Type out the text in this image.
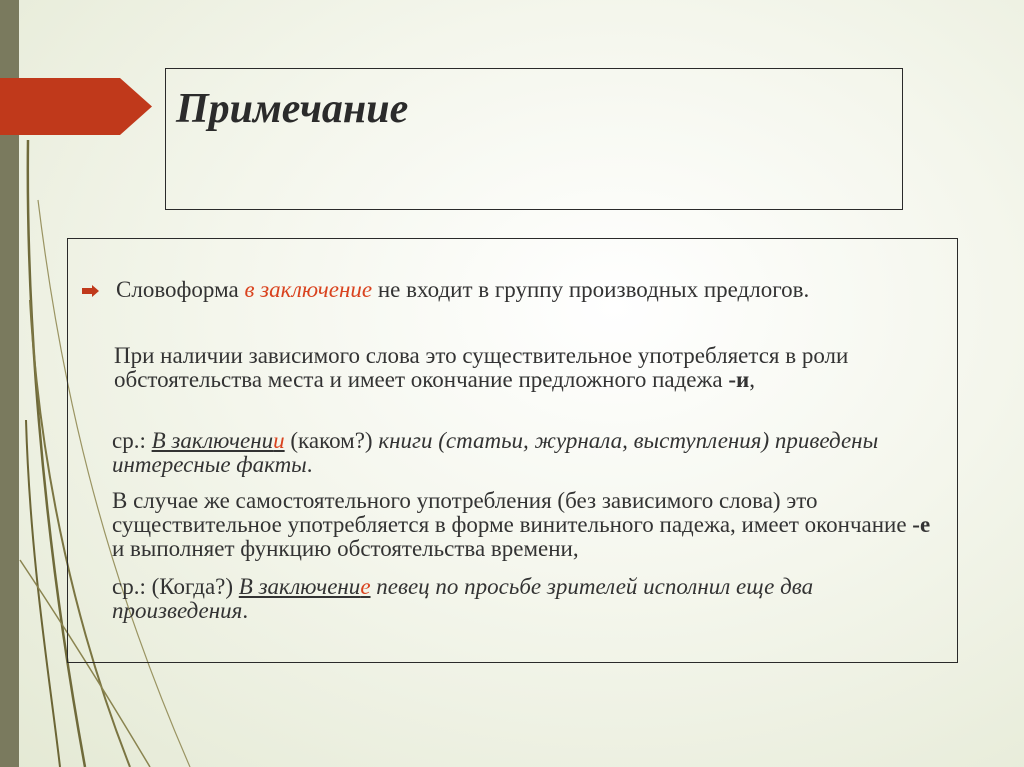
Примечание

Словоформа в заключение не входит в группу производных предлогов.

При наличии зависимого слова это существительное употребляется в роли обстоятельства места и имеет окончание предложного падежа -и,

ср.: В заключении (каком?) книги (статьи, журнала, выступления) приведены интересные факты.

В случае же самостоятельного употребления (без зависимого слова) это существительное употребляется в форме винительного падежа, имеет окончание -е и выполняет функцию обстоятельства времени,

ср.: (Когда?) В заключение певец по просьбе зрителей исполнил еще два произведения.
